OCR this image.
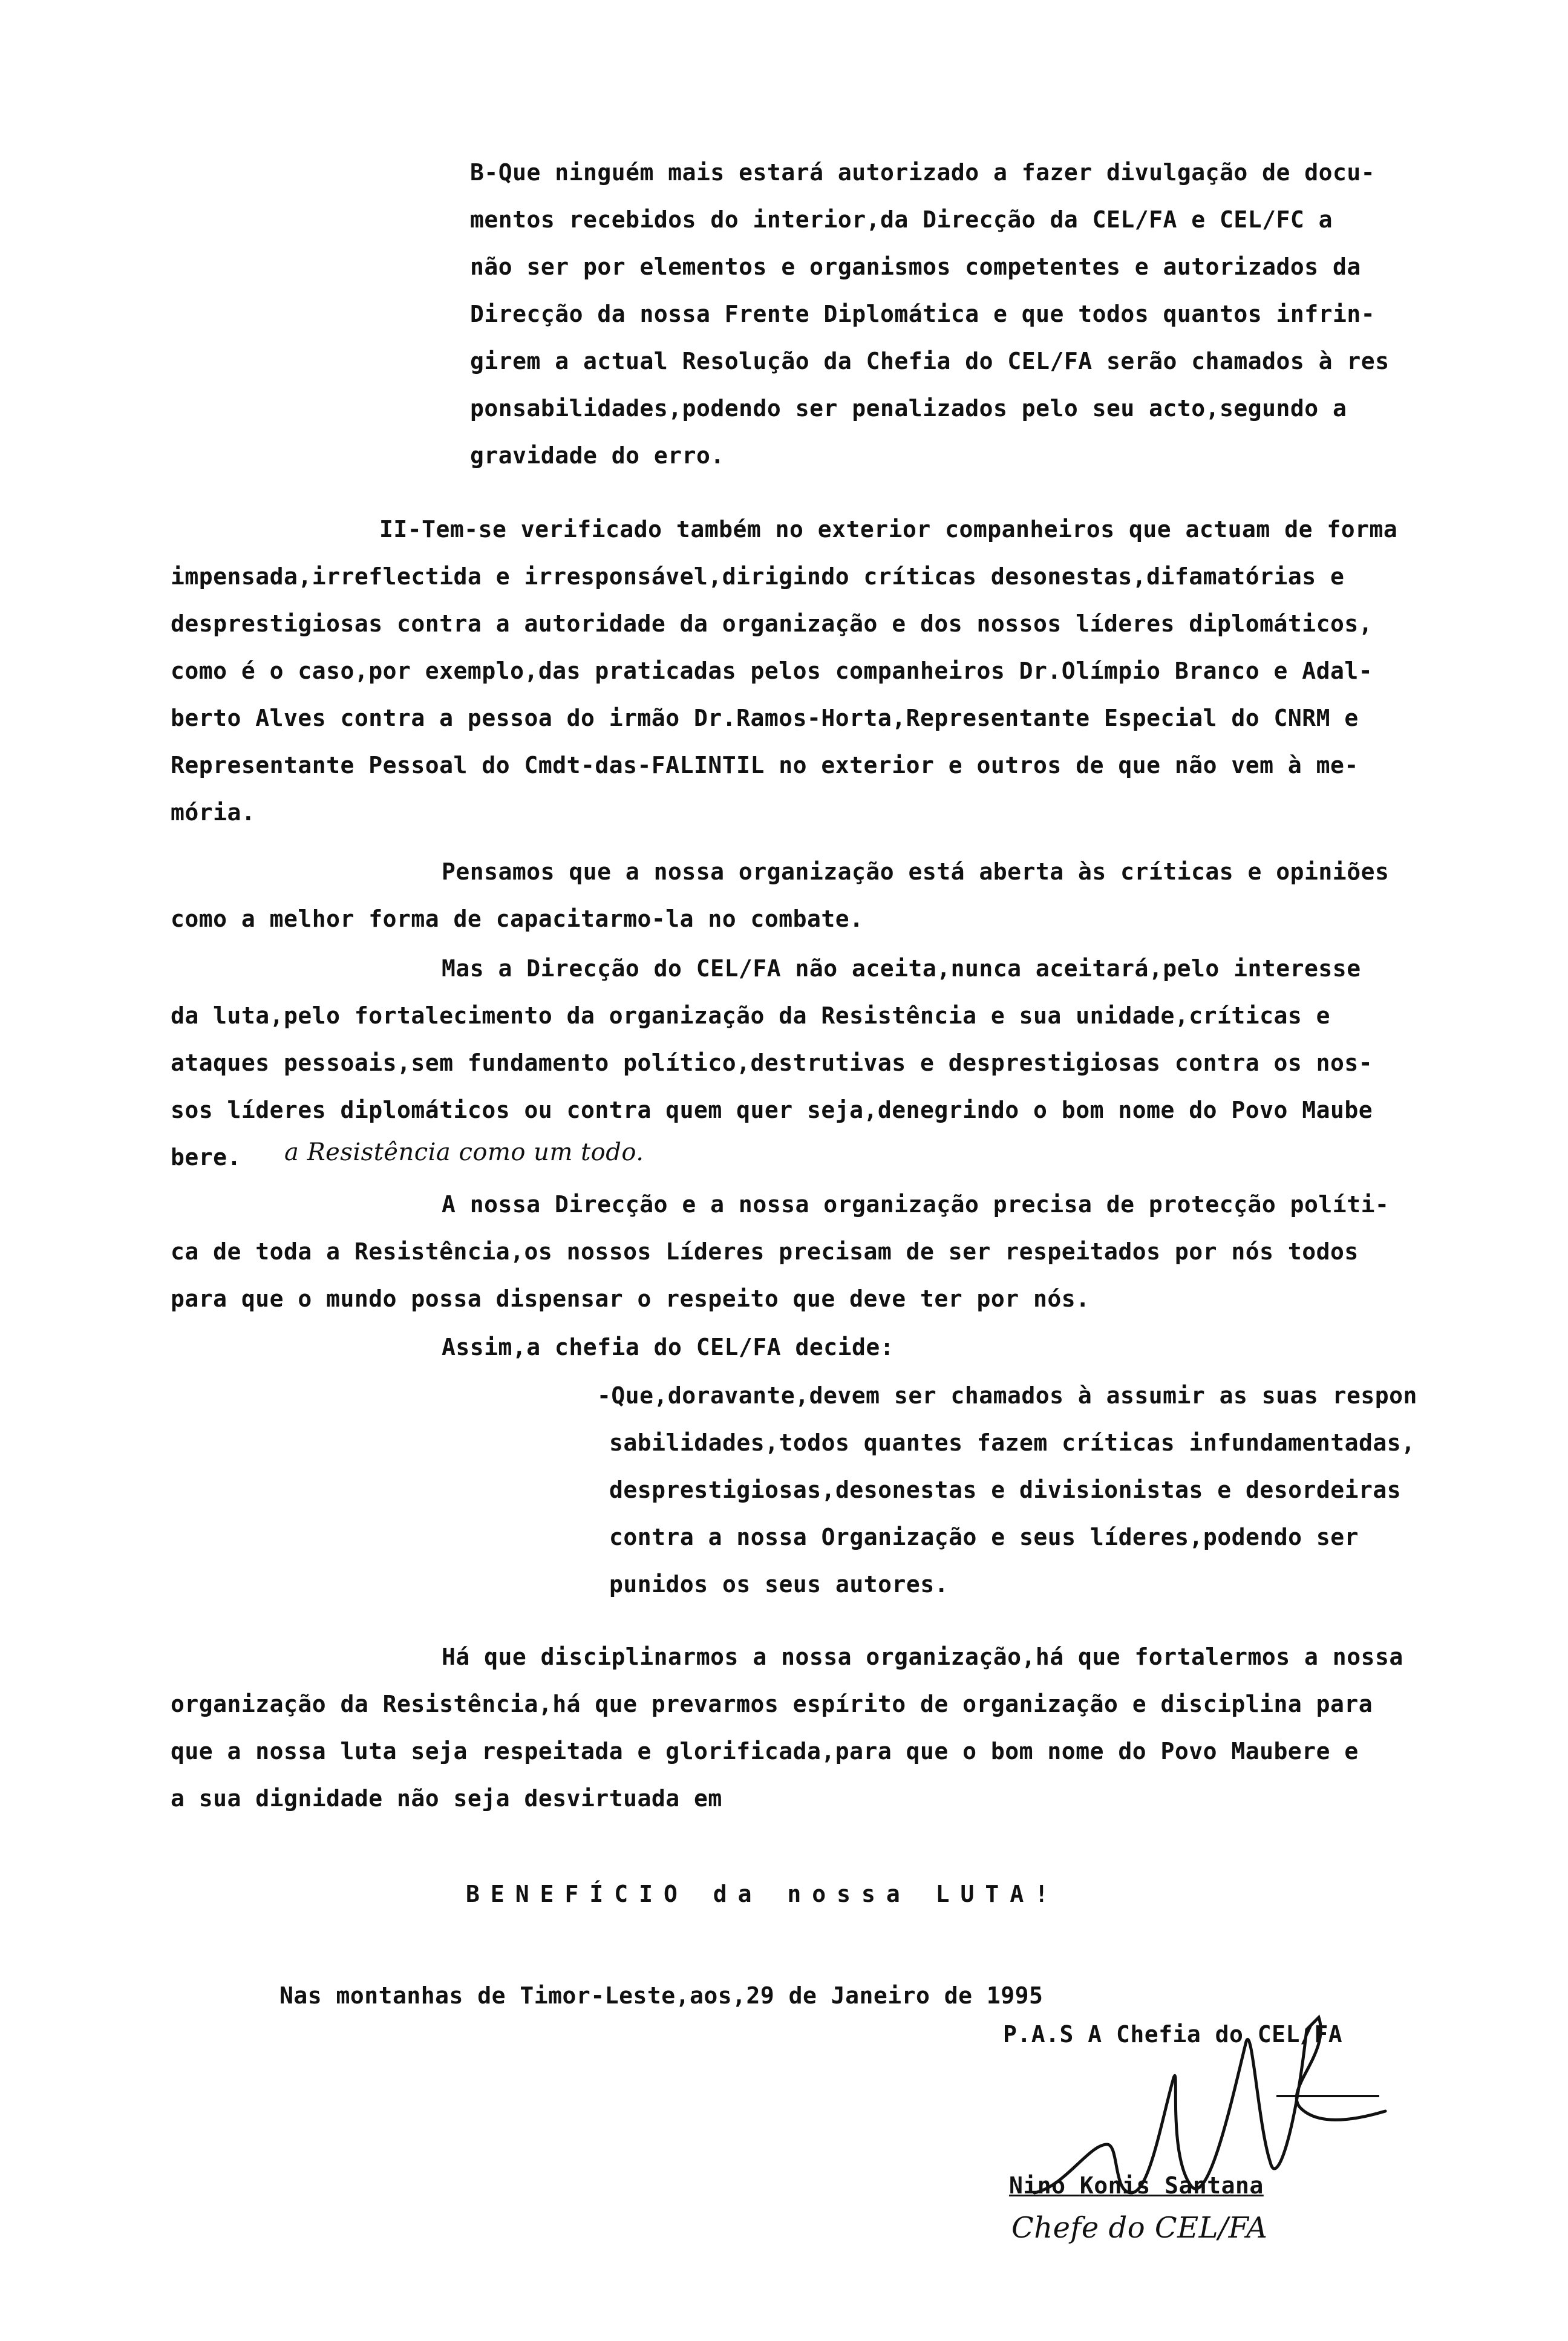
B-Que ninguém mais estará autorizado a fazer divulgação de docu-
mentos recebidos do interior,da Direcção da CEL/FA e CEL/FC a
não ser por elementos e organismos competentes e autorizados da
Direcção da nossa Frente Diplomática e que todos quantos infrin-
girem a actual Resolução da Chefia do CEL/FA serão chamados à res
ponsabilidades,podendo ser penalizados pelo seu acto,segundo a
gravidade do erro.
II-Tem-se verificado também no exterior companheiros que actuam de forma
impensada,irreflectida e irresponsável,dirigindo críticas desonestas,difamatórias e
desprestigiosas contra a autoridade da organização e dos nossos líderes diplomáticos,
como é o caso,por exemplo,das praticadas pelos companheiros Dr.Olímpio Branco e Adal-
berto Alves contra a pessoa do irmão Dr.Ramos-Horta,Representante Especial do CNRM e
Representante Pessoal do Cmdt-das-FALINTIL no exterior e outros de que não vem à me-
mória.
Pensamos que a nossa organização está aberta às críticas e opiniões
como a melhor forma de capacitarmo-la no combate.
Mas a Direcção do CEL/FA não aceita,nunca aceitará,pelo interesse
da luta,pelo fortalecimento da organização da Resistência e sua unidade,críticas e
ataques pessoais,sem fundamento político,destrutivas e desprestigiosas contra os nos-
sos líderes diplomáticos ou contra quem quer seja,denegrindo o bom nome do Povo Maube
bere. a Resistência como um todo.
A nossa Direcção e a nossa organização precisa de protecção políti-
ca de toda a Resistência,os nossos Líderes precisam de ser respeitados por nós todos
para que o mundo possa dispensar o respeito que deve ter por nós.
Assim,a chefia do CEL/FA decide:
-Que,doravante,devem ser chamados à assumir as suas respon
sabilidades,todos quantes fazem críticas infundamentadas,
desprestigiosas,desonestas e divisionistas e desordeiras
contra a nossa Organização e seus líderes,podendo ser
punidos os seus autores.
Há que disciplinarmos a nossa organização,há que fortalermos a nossa
organização da Resistência,há que prevarmos espírito de organização e disciplina para
que a nossa luta seja respeitada e glorificada,para que o bom nome do Povo Maubere e
a sua dignidade não seja desvirtuada em
BENEFÍCIO da nossa LUTA!
Nas montanhas de Timor-Leste,aos,29 de Janeiro de 1995
P.A.S A Chefia do CEL/FA
Nino Konis Santana
Chefe do CEL/FA
